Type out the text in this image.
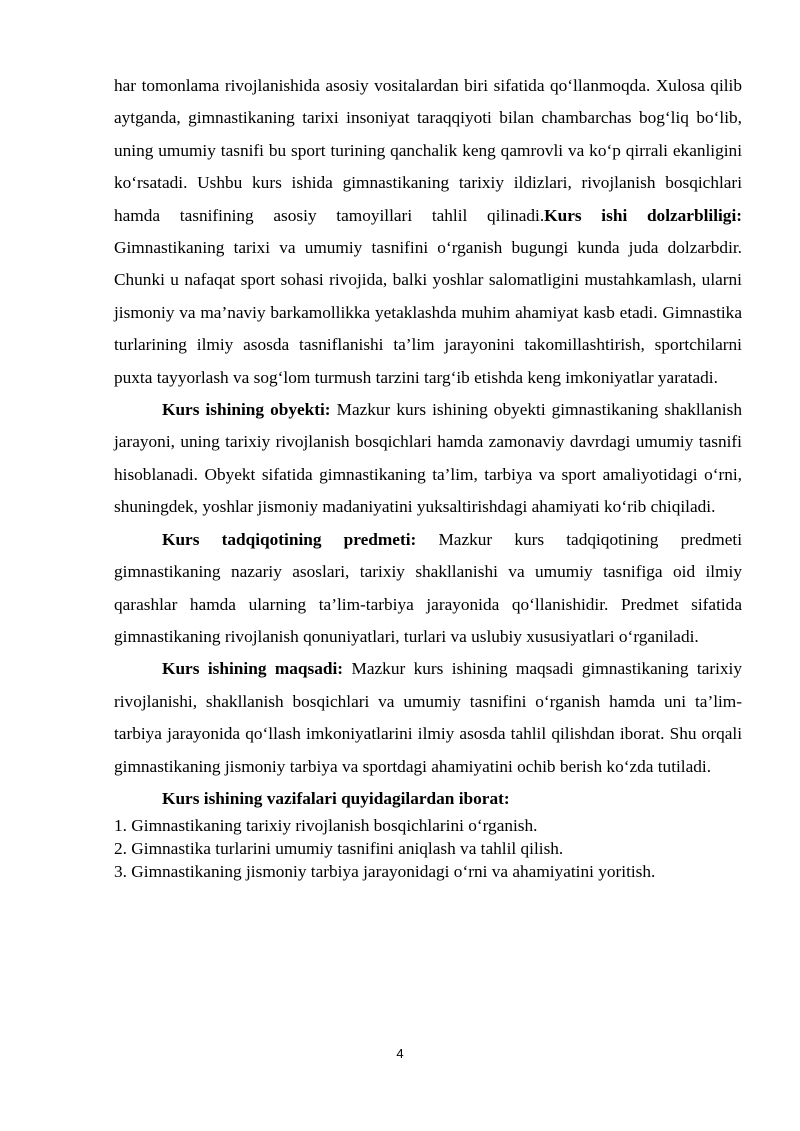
har tomonlama rivojlanishida asosiy vositalardan biri sifatida qo‘llanmoqda. Xulosa qilib aytganda, gimnastikaning tarixi insoniyat taraqqiyoti bilan chambarchas bog‘liq bo‘lib, uning umumiy tasnifi bu sport turining qanchalik keng qamrovli va ko‘p qirrali ekanligini ko‘rsatadi. Ushbu kurs ishida gimnastikaning tarixiy ildizlari, rivojlanish bosqichlari hamda tasnifining asosiy tamoyillari tahlil qilinadi.Kurs ishi dolzarbliligi: Gimnastikaning tarixi va umumiy tasnifini o‘rganish bugungi kunda juda dolzarbdir. Chunki u nafaqat sport sohasi rivojida, balki yoshlar salomatligini mustahkamlash, ularni jismoniy va ma’naviy barkamollikka yetaklashda muhim ahamiyat kasb etadi. Gimnastika turlarining ilmiy asosda tasniflanishi ta’lim jarayonini takomillashtirish, sportchilarni puxta tayyorlash va sog‘lom turmush tarzini targ‘ib etishda keng imkoniyatlar yaratadi.

Kurs ishining obyekti: Mazkur kurs ishining obyekti gimnastikaning shakllanish jarayoni, uning tarixiy rivojlanish bosqichlari hamda zamonaviy davrdagi umumiy tasnifi hisoblanadi. Obyekt sifatida gimnastikaning ta’lim, tarbiya va sport amaliyotidagi o‘rni, shuningdek, yoshlar jismoniy madaniyatini yuksaltirishdagi ahamiyati ko‘rib chiqiladi.

Kurs tadqiqotining predmeti: Mazkur kurs tadqiqotining predmeti gimnastikaning nazariy asoslari, tarixiy shakllanishi va umumiy tasnifiga oid ilmiy qarashlar hamda ularning ta’lim-tarbiya jarayonida qo‘llanishidir. Predmet sifatida gimnastikaning rivojlanish qonuniyatlari, turlari va uslubiy xususiyatlari o‘rganiladi.

Kurs ishining maqsadi: Mazkur kurs ishining maqsadi gimnastikaning tarixiy rivojlanishi, shakllanish bosqichlari va umumiy tasnifini o‘rganish hamda uni ta’lim-tarbiya jarayonida qo‘llash imkoniyatlarini ilmiy asosda tahlil qilishdan iborat. Shu orqali gimnastikaning jismoniy tarbiya va sportdagi ahamiyatini ochib berish ko‘zda tutiladi.

Kurs ishining vazifalari quyidagilardan iborat:

1. Gimnastikaning tarixiy rivojlanish bosqichlarini o‘rganish.
2. Gimnastika turlarini umumiy tasnifini aniqlash va tahlil qilish.
3. Gimnastikaning jismoniy tarbiya jarayonidagi o‘rni va ahamiyatini yoritish.
4
